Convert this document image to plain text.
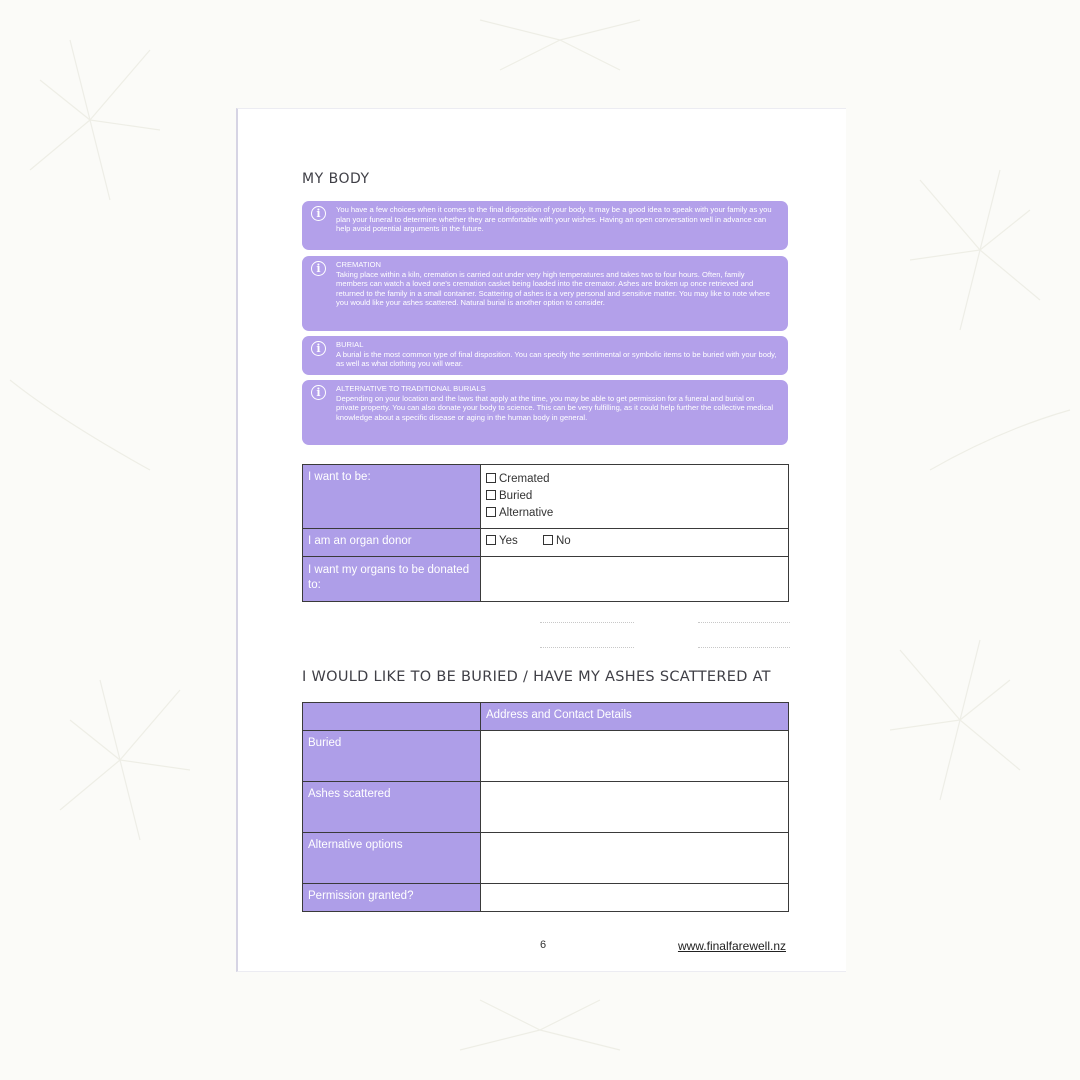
MY BODY
i	You have a few choices when it comes to the final disposition of your body. It may be a good idea to speak with your family as you plan your funeral to determine whether they are comfortable with your wishes. Having an open conversation well in advance can help avoid potential arguments in the future.
i	CREMATION
Taking place within a kiln, cremation is carried out under very high temperatures and takes two to four hours. Often, family members can watch a loved one's cremation casket being loaded into the cremator. Ashes are broken up once retrieved and returned to the family in a small container. Scattering of ashes is a very personal and sensitive matter. You may like to note where you would like your ashes scattered. Natural burial is another option to consider.
i	BURIAL
A burial is the most common type of final disposition. You can specify the sentimental or symbolic items to be buried with your body, as well as what clothing you will wear.
i	ALTERNATIVE TO TRADITIONAL BURIALS
Depending on your location and the laws that apply at the time, you may be able to get permission for a funeral and burial on private property. You can also donate your body to science. This can be very fulfilling, as it could help further the collective medical knowledge about a specific disease or aging in the human body in general.
I want to be:	Cremated
Buried
Alternative

I am an organ donor	Yes No
I want my organs to be donated to:	
I WOULD LIKE TO BE BURIED / HAVE MY ASHES SCATTERED AT
	Address and Contact Details
Buried	
Ashes scattered	
Alternative options	
Permission granted?	
6	www.finalfarewell.nz
